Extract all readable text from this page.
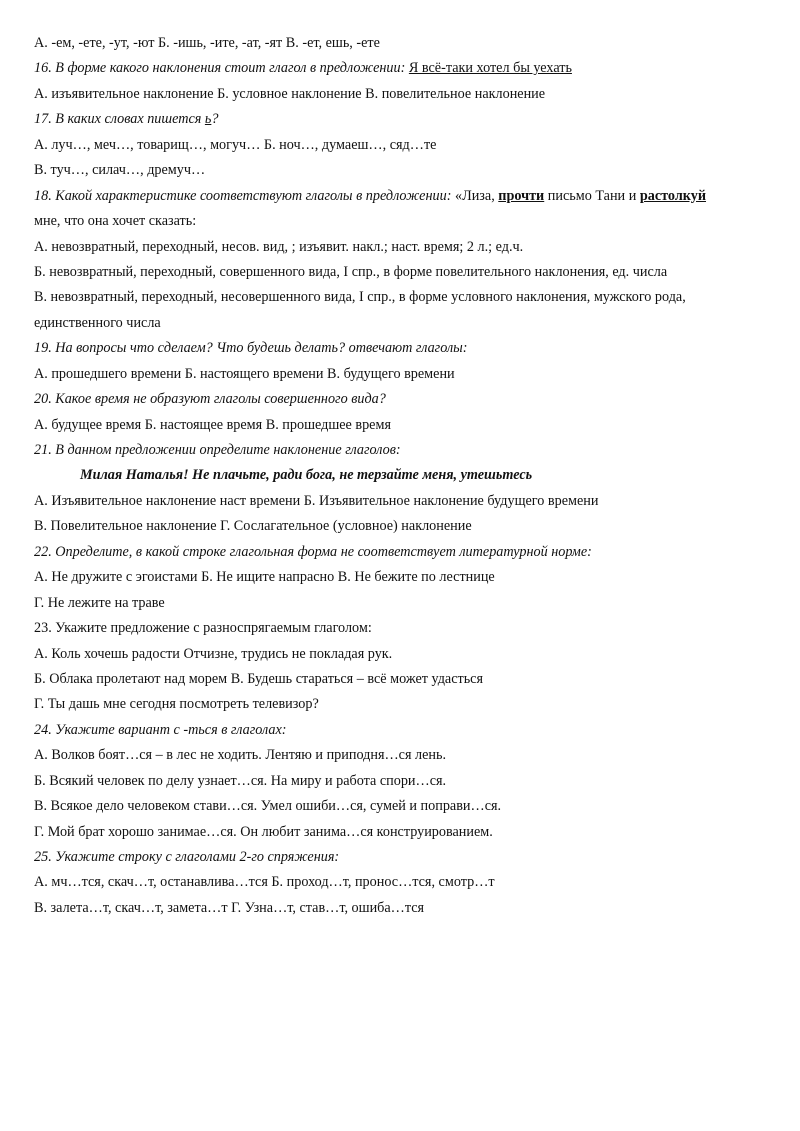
А. -ем, -ете, -ут, -ют Б. -ишь, -ите, -ат, -ят В. -ет, ешь, -ете
16. В форме какого наклонения стоит глагол в предложении: Я всё-таки хотел бы уехать
А. изъявительное наклонение Б. условное наклонение В. повелительное наклонение
17. В каких словах пишется ь?
А. луч…, меч…, товарищ…, могуч… Б. ноч…, думаеш…, сяд…те
В. туч…, силач…, дремуч…
18. Какой характеристике соответствуют глаголы в предложении: «Лиза, прочти письмо Тани и растолкуй
мне, что она хочет сказать:
А. невозвратный, переходный, несов. вид, ; изъявит. накл.; наст. время; 2 л.; ед.ч.
Б. невозвратный, переходный, совершенного вида, I спр., в форме повелительного наклонения, ед. числа
В. невозвратный, переходный, несовершенного вида, I спр., в форме условного наклонения, мужского рода,
единственного числа
19. На вопросы что сделаем? Что будешь делать? отвечают глаголы:
А. прошедшего времени Б. настоящего времени В. будущего времени
20. Какое время не образуют глаголы совершенного вида?
А. будущее время Б. настоящее время В. прошедшее время
21. В данном предложении определите наклонение глаголов:
Милая Наталья! Не плачьте, ради бога, не терзайте меня, утешьтесь
А. Изъявительное наклонение наст времени Б. Изъявительное наклонение будущего времени
В. Повелительное наклонение Г. Сослагательное (условное) наклонение
22. Определите, в какой строке глагольная форма не соответствует литературной норме:
А. Не дружите с эгоистами Б. Не ищите напрасно В. Не бежите по лестнице
Г. Не лежите на траве
23. Укажите предложение с разноспрягаемым глаголом:
А. Коль хочешь радости Отчизне, трудись не покладая рук.
Б. Облака пролетают над морем В. Будешь стараться – всё может удасться
Г. Ты дашь мне сегодня посмотреть телевизор?
24. Укажите вариант с -ться в глаголах:
А. Волков боят…ся – в лес не ходить. Лентяю и приподня…ся лень.
Б. Всякий человек по делу узнает…ся. На миру и работа спори…ся.
В. Всякое дело человеком стави…ся. Умел ошиби…ся, сумей и поправи…ся.
Г. Мой брат хорошо занимае…ся. Он любит занима…ся конструированием.
25. Укажите строку с глаголами 2-го спряжения:
А. мч…тся, скач…т, останавлива…тся Б. проход…т, пронос…тся, смотр…т
В. залета…т, скач…т, замета…т Г. Узна…т, став…т, ошиба…тся
